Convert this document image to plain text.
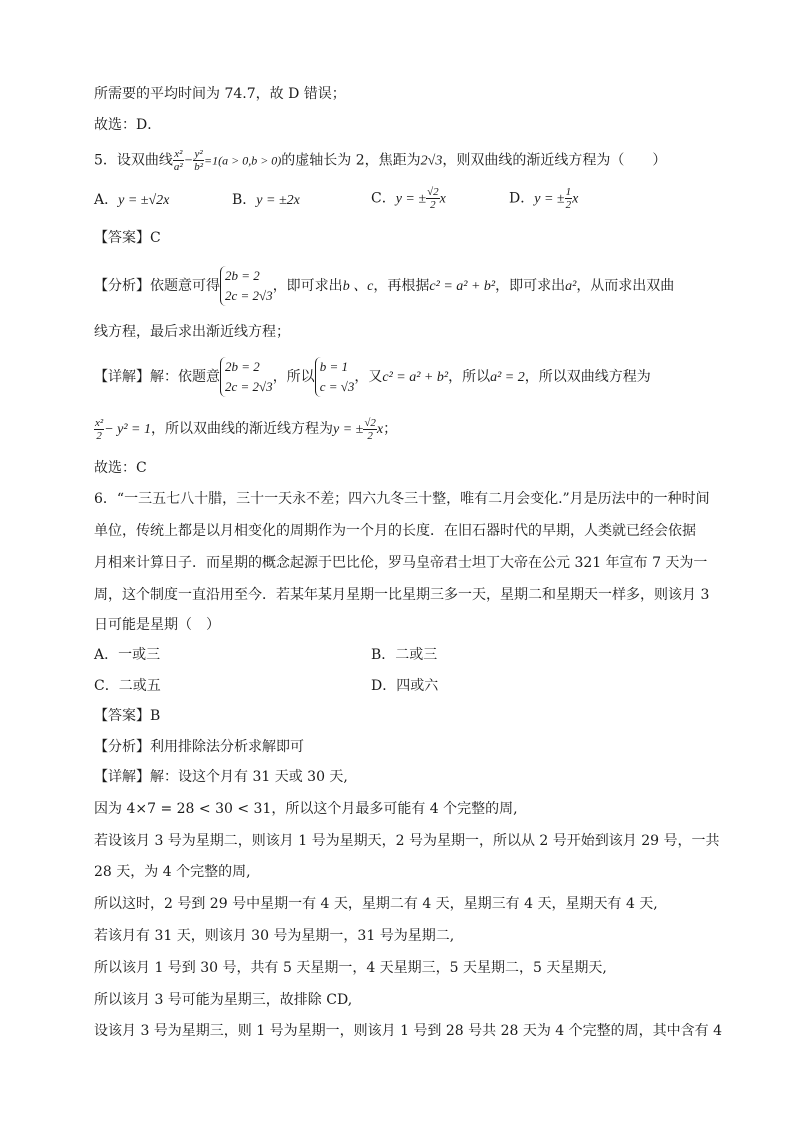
所需要的平均时间为 74.7，故 D 错误；
故选：D．
5．设双曲线 $\frac{\text{x²}}{\text{a²}} - \frac{\text{y²}}{\text{b²}} =1(a > 0,b > 0)$的虚轴长为 2，焦距为2√3，则双曲线的渐近线方程为（　　）
A．y = ±√2x	B．y = ±2x	C．y = ± $\frac{√2}{2}$ x	D．y = ± $\frac{1}{2}$ x
【答案】C
【分析】依题意可得
2b = 2
2c = 2√3
，即可求出b 、c，再根据c² = a² + b²，即可求出a²，从而求出双曲
线方程，最后求出渐近线方程；
【详解】解：依题意
2b = 2
2c = 2√3
，所以
b = 1
c = √3
，又c² = a² + b²，所以a² = 2，所以双曲线方程为
$\frac{\text{x²}}{2} - y^2 = 1$，所以双曲线的渐近线方程为y = ± $\frac{√2}{2}$ x；
故选：C
6．“一三五七八十腊，三十一天永不差；四六九冬三十整，唯有二月会变化.”月是历法中的一种时间
单位，传统上都是以月相变化的周期作为一个月的长度．在旧石器时代的早期，人类就已经会依据
月相来计算日子．而星期的概念起源于巴比伦，罗马皇帝君士坦丁大帝在公元 321 年宣布 7 天为一
周，这个制度一直沿用至今．若某年某月星期一比星期三多一天，星期二和星期天一样多，则该月 3
日可能是星期（　）
A．一或三	B．二或三
C．二或五	D．四或六
【答案】B
【分析】利用排除法分析求解即可
【详解】解：设这个月有 31 天或 30 天,
因为 4×7 = 28 < 30 < 31，所以这个月最多可能有 4 个完整的周,
若设该月 3 号为星期二，则该月 1 号为星期天，2 号为星期一，所以从 2 号开始到该月 29 号，一共
28 天，为 4 个完整的周,
所以这时，2 号到 29 号中星期一有 4 天，星期二有 4 天，星期三有 4 天，星期天有 4 天,
若该月有 31 天，则该月 30 号为星期一，31 号为星期二,
所以该月 1 号到 30 号，共有 5 天星期一，4 天星期三，5 天星期二，5 天星期天,
所以该月 3 号可能为星期三，故排除 CD,
设该月 3 号为星期三，则 1 号为星期一，则该月 1 号到 28 号共 28 天为 4 个完整的周，其中含有 4
